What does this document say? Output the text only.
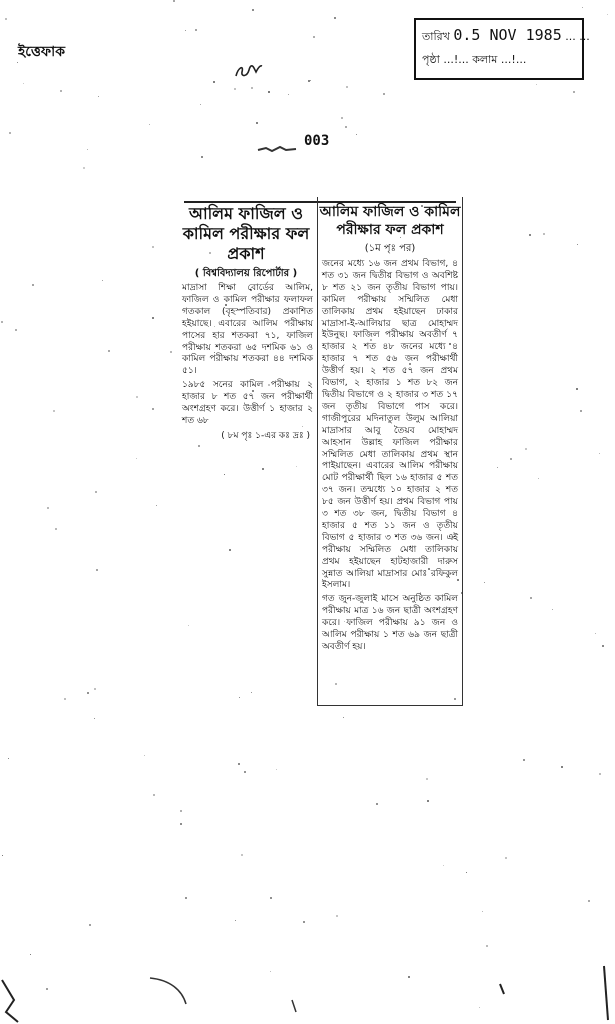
ইত্তেফাক
তারিখ 0.5 NOV 1985 ... ...
পৃষ্ঠা ...!... কলাম ...!...
003
আলিম ফাজিল ও কামিল পরীক্ষার ফল প্রকাশ
( বিশ্ববিদ্যালয় রিপোর্টার )
মাদ্রাসা শিক্ষা বোর্ডের আলিম, ফাজিল ও কামিল পরীক্ষার ফলাফল গতকাল (বৃহস্পতিবার) প্রকাশিত হইয়াছে। এবারের আলিম পরীক্ষায় পাসের হার শতকরা ৭১, ফাজিল পরীক্ষায় শতকরা ৬৫ দশমিক ৬১ ও কামিল পরীক্ষায় শতকরা ৪৪ দশমিক ৫১।
১৯৮৫ সনের কামিল পরীক্ষায় ২ হাজার ৮ শত ৫৭ জন পরীক্ষার্থী অংশগ্রহণ করে। উত্তীর্ণ ১ হাজার ২ শত ৬৮
( ৮ম পৃঃ ১-এর কঃ দ্রঃ )
আলিম ফাজিল ও কামিল পরীক্ষার ফল প্রকাশ
(১ম পৃঃ পর)
জনের মধ্যে ১৬ জন প্রথম বিভাগ, ৪ শত ৩১ জন দ্বিতীয় বিভাগ ও অবশিষ্ট ৮ শত ২১ জন তৃতীয় বিভাগ পায়। কামিল পরীক্ষায় সম্মিলিত মেধা তালিকায় প্রথম হইয়াছেন ঢাকার মাদ্রাসা-ই-আলিয়ার ছাত্র মোহাম্মদ ইউনুছ। ফাজিল পরীক্ষায় অবতীর্ণ ৭ হাজার ২ শত ৪৮ জনের মধ্যে ৪ হাজার ৭ শত ৫৬ জন পরীক্ষার্থী উত্তীর্ণ হয়। ২ শত ৫৭ জন প্রথম বিভাগ, ২ হাজার ১ শত ৮২ জন দ্বিতীয় বিভাগে ও ২ হাজার ৩ শত ১৭ জন তৃতীয় বিভাগে পাস করে। গাজীপুরের মদিনাতুল উলুম আলিয়া মাদ্রাসার আবু তৈয়ব মোহাম্মদ আহসান উল্লাহ ফাজিল পরীক্ষার সম্মিলিত মেধা তালিকায় প্রথম স্থান পাইয়াছেন। এবারের আলিম পরীক্ষায় মোট পরীক্ষার্থী ছিল ১৬ হাজার ৫ শত ৩৭ জন। তন্মধ্যে ১০ হাজার ২ শত ৮৫ জন উত্তীর্ণ হয়। প্রথম বিভাগ পায় ৩ শত ৩৮ জন, দ্বিতীয় বিভাগ ৪ হাজার ৫ শত ১১ জন ও তৃতীয় বিভাগ ৫ হাজার ৩ শত ৩৬ জন। এই পরীক্ষায় সম্মিলিত মেধা তালিকায় প্রথম হইয়াছেন হাটহাজারী দারুস সুন্নাত আলিয়া মাদ্রাসার মোঃ রফিকুল ইসলাম।
গত জুন-জুলাই মাসে অনুষ্ঠিত কামিল পরীক্ষায় মাত্র ১৬ জন ছাত্রী অংশগ্রহণ করে। ফাজিল পরীক্ষায় ৯১ জন ও আলিম পরীক্ষায় ১ শত ৬৯ জন ছাত্রী অবতীর্ণ হয়।
